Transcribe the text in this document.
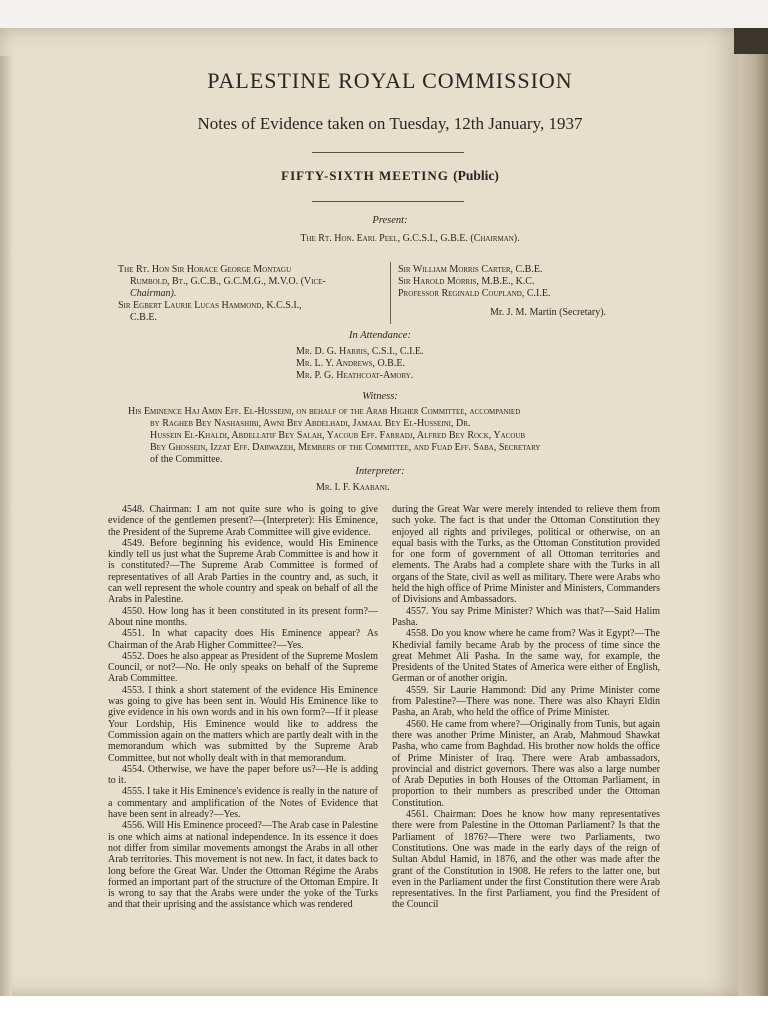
PALESTINE ROYAL COMMISSION
Notes of Evidence taken on Tuesday, 12th January, 1937
FIFTY-SIXTH MEETING (Public)
Present:
The Rt. Hon. Earl Peel, G.C.S.I., G.B.E. (Chairman).
The Rt. Hon Sir Horace George Montagu
Rumbold, Bt., G.C.B., G.C.M.G., M.V.O. (Vice-
Chairman).
Sir Egbert Laurie Lucas Hammond, K.C.S.I.,
C.B.E.
Sir William Morris Carter, C.B.E.
Sir Harold Morris, M.B.E., K.C.
Professor Reginald Coupland, C.I.E.
Mr. J. M. Martin (Secretary).
In Attendance:
Mr. D. G. Harris, C.S.I., C.I.E.
Mr. L. Y. Andrews, O.B.E.
Mr. P. G. Heathcoat-Amory.
Witness:
His Eminence Haj Amin Eff. El-Husseini, on behalf of the Arab Higher Committee, accompanied
by Ragheb Bey Nashashibi, Awni Bey Abdelhadi, Jamaal Bey El-Husseini, Dr.
Hussein El-Khaldi, Abdellatif Bey Salah, Yacoub Eff. Farradj, Alfred Bey Rock, Yacoub
Bey Ghossein, Izzat Eff. Darwazeh, Members of the Committee, and Fuad Eff. Saba, Secretary
of the Committee.
Interpreter:
Mr. I. F. Kaabani.

4548. Chairman: I am not quite sure who is going to give evidence of the gentlemen present?—(Interpreter): His Eminence, the President of the Supreme Arab Committee will give evidence.

4549. Before beginning his evidence, would His Eminence kindly tell us just what the Supreme Arab Committee is and how it is constituted?—The Supreme Arab Committee is formed of representatives of all Arab Parties in the country and, as such, it can well represent the whole country and speak on behalf of all the Arabs in Palestine.

4550. How long has it been constituted in its present form?—About nine months.

4551. In what capacity does His Eminence appear? As Chairman of the Arab Higher Committee?—Yes.

4552. Does he also appear as President of the Supreme Moslem Council, or not?—No. He only speaks on behalf of the Supreme Arab Committee.

4553. I think a short statement of the evidence His Eminence was going to give has been sent in. Would His Eminence like to give evidence in his own words and in his own form?—If it please Your Lordship, His Eminence would like to address the Commission again on the matters which are partly dealt with in the memorandum which was submitted by the Supreme Arab Committee, but not wholly dealt with in that memorandum.

4554. Otherwise, we have the paper before us?—He is adding to it.

4555. I take it His Eminence's evidence is really in the nature of a commentary and amplification of the Notes of Evidence that have been sent in already?—Yes.

4556. Will His Eminence proceed?—The Arab case in Palestine is one which aims at national independence. In its essence it does not differ from similar movements amongst the Arabs in all other Arab territories. This movement is not new. In fact, it dates back to long before the Great War. Under the Ottoman Régime the Arabs formed an important part of the structure of the Ottoman Empire. It is wrong to say that the Arabs were under the yoke of the Turks and that their uprising and the assistance which was rendered

during the Great War were merely intended to relieve them from such yoke. The fact is that under the Ottoman Constitution they enjoyed all rights and privileges, political or otherwise, on an equal basis with the Turks, as the Ottoman Constitution provided for one form of government of all Ottoman territories and elements. The Arabs had a complete share with the Turks in all organs of the State, civil as well as military. There were Arabs who held the high office of Prime Minister and Ministers, Commanders of Divisions and Ambassadors.

4557. You say Prime Minister? Which was that?—Said Halim Pasha.

4558. Do you know where he came from? Was it Egypt?—The Khedivial family became Arab by the process of time since the great Mehmet Ali Pasha. In the same way, for example, the Presidents of the United States of America were either of English, German or of another origin.

4559. Sir Laurie Hammond: Did any Prime Minister come from Palestine?—There was none. There was also Khayri Eldin Pasha, an Arab, who held the office of Prime Minister.

4560. He came from where?—Originally from Tunis, but again there was another Prime Minister, an Arab, Mahmoud Shawkat Pasha, who came from Baghdad. His brother now holds the office of Prime Minister of Iraq. There were Arab ambassadors, provincial and district governors. There was also a large number of Arab Deputies in both Houses of the Ottoman Parliament, in proportion to their numbers as prescribed under the Ottoman Constitution.

4561. Chairman: Does he know how many representatives there were from Palestine in the Ottoman Parliament? Is that the Parliament of 1876?—There were two Parliaments, two Constitutions. One was made in the early days of the reign of Sultan Abdul Hamid, in 1876, and the other was made after the grant of the Constitution in 1908. He refers to the latter one, but even in the Parliament under the first Constitution there were Arab representatives. In the first Parliament, you find the President of the Council
